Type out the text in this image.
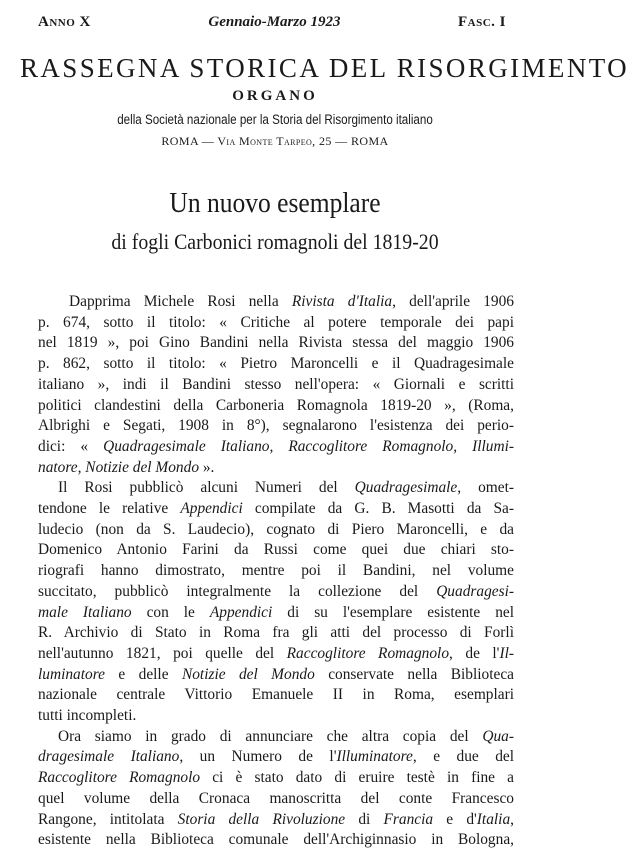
Anno X	Gennaio-Marzo 1923	Fasc. I
RASSEGNA STORICA DEL RISORGIMENTO
ORGANO
della Società nazionale per la Storia del Risorgimento italiano
ROMA — Via Monte Tarpeo, 25 — ROMA
Un nuovo esemplare
di fogli Carbonici romagnoli del 1819-20
Dapprima Michele Rosi nella Rivista d'Italia, dell'aprile 1906
p. 674, sotto il titolo: « Critiche al potere temporale dei papi
nel 1819 », poi Gino Bandini nella Rivista stessa del maggio 1906
p. 862, sotto il titolo: « Pietro Maroncelli e il Quadragesimale
italiano », indi il Bandini stesso nell'opera: « Giornali e scritti
politici clandestini della Carboneria Romagnola 1819-20 », (Roma,
Albrighi e Segati, 1908 in 8°), segnalarono l'esistenza dei perio-
dici: « Quadragesimale Italiano, Raccoglitore Romagnolo, Illumi-
natore, Notizie del Mondo ».
Il Rosi pubblicò alcuni Numeri del Quadragesimale, omet-
tendone le relative Appendici compilate da G. B. Masotti da Sa-
ludecio (non da S. Laudecio), cognato di Piero Maroncelli, e da
Domenico Antonio Farini da Russi come quei due chiari sto-
riografi hanno dimostrato, mentre poi il Bandini, nel volume
succitato, pubblicò integralmente la collezione del Quadragesi-
male Italiano con le Appendici di su l'esemplare esistente nel
R. Archivio di Stato in Roma fra gli atti del processo di Forlì
nell'autunno 1821, poi quelle del Raccoglitore Romagnolo, de l'Il-
luminatore e delle Notizie del Mondo conservate nella Biblioteca
nazionale centrale Vittorio Emanuele II in Roma, esemplari
tutti incompleti.
Ora siamo in grado di annunciare che altra copia del Qua-
dragesimale Italiano, un Numero de l'Illuminatore, e due del
Raccoglitore Romagnolo ci è stato dato di eruire testè in fine a
quel volume della Cronaca manoscritta del conte Francesco
Rangone, intitolata Storia della Rivoluzione di Francia e d'Italia,
esistente nella Biblioteca comunale dell'Archiginnasio in Bologna,
